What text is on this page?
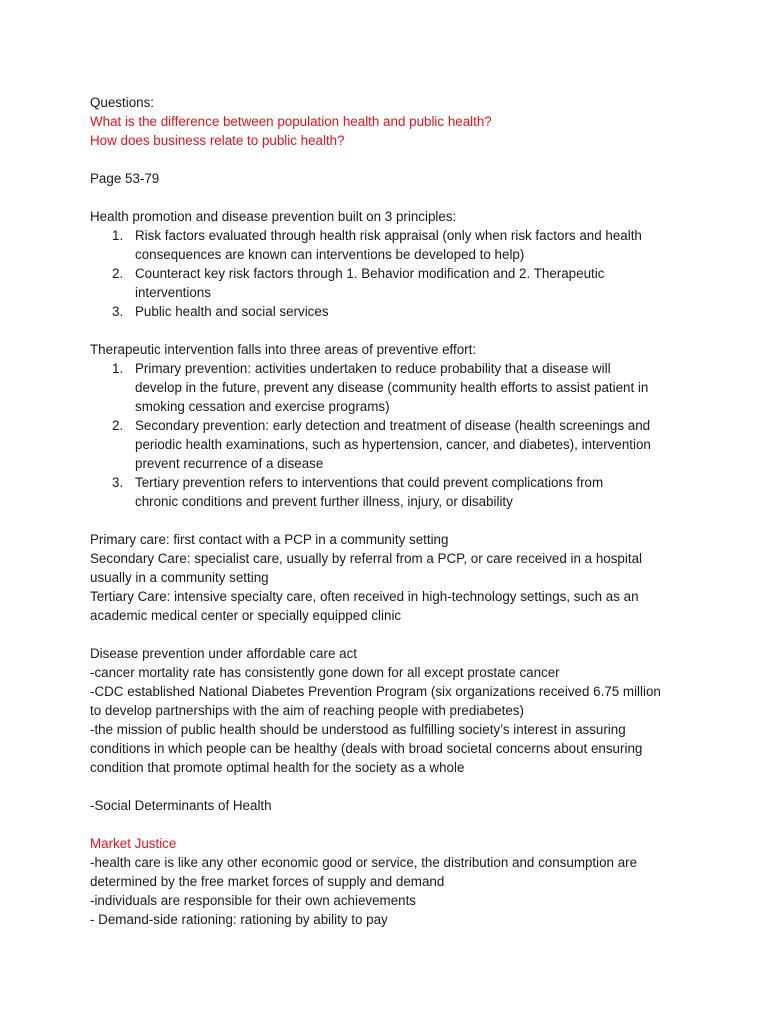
Questions:

What is the difference between population health and public health?

How does business relate to public health?

Page 53-79

Health promotion and disease prevention built on 3 principles:

1. Risk factors evaluated through health risk appraisal (only when risk factors and health

consequences are known can interventions be developed to help)

2. Counteract key risk factors through 1. Behavior modification and 2. Therapeutic

interventions

3. Public health and social services

Therapeutic intervention falls into three areas of preventive effort:

1. Primary prevention: activities undertaken to reduce probability that a disease will

develop in the future, prevent any disease (community health efforts to assist patient in

smoking cessation and exercise programs)

2. Secondary prevention: early detection and treatment of disease (health screenings and

periodic health examinations, such as hypertension, cancer, and diabetes), intervention

prevent recurrence of a disease

3. Tertiary prevention refers to interventions that could prevent complications from

chronic conditions and prevent further illness, injury, or disability

Primary care: first contact with a PCP in a community setting

Secondary Care: specialist care, usually by referral from a PCP, or care received in a hospital

usually in a community setting

Tertiary Care: intensive specialty care, often received in high-technology settings, such as an

academic medical center or specially equipped clinic

Disease prevention under affordable care act

-cancer mortality rate has consistently gone down for all except prostate cancer

-CDC established National Diabetes Prevention Program (six organizations received 6.75 million

to develop partnerships with the aim of reaching people with prediabetes)

-the mission of public health should be understood as fulfilling society’s interest in assuring

conditions in which people can be healthy (deals with broad societal concerns about ensuring

condition that promote optimal health for the society as a whole

-Social Determinants of Health

Market Justice

-health care is like any other economic good or service, the distribution and consumption are

determined by the free market forces of supply and demand

-individuals are responsible for their own achievements

- Demand-side rationing: rationing by ability to pay
